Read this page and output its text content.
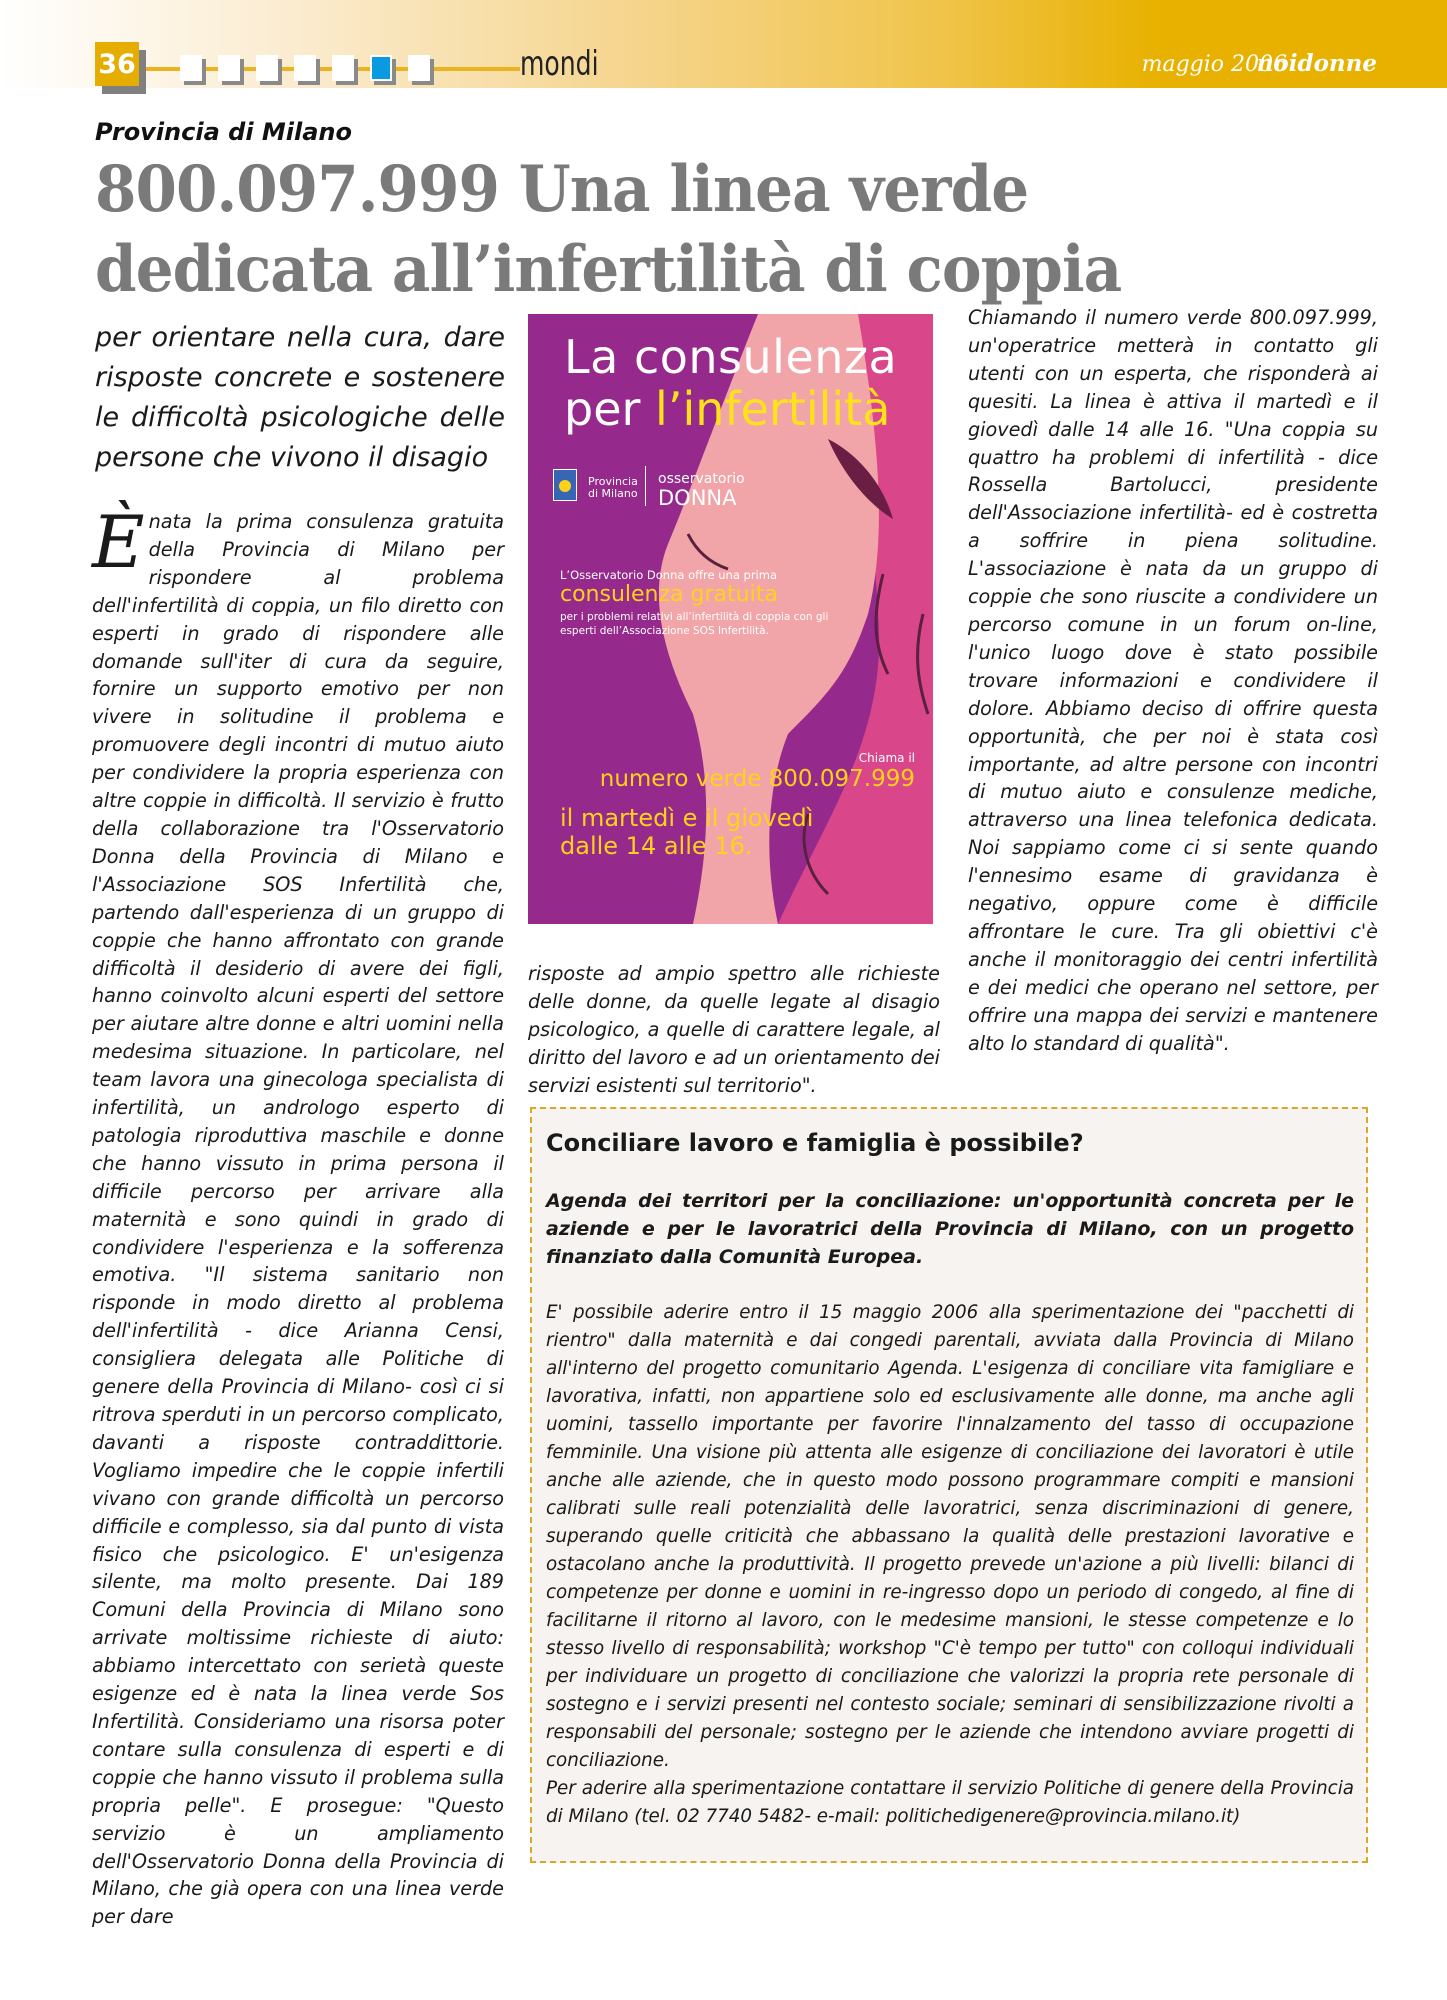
36	mondi	maggio 2006
noidonne
Provincia di Milano
800.097.999 Una linea verde dedicata all’infertilità di coppia
per orientare nella cura, dare risposte concrete e sostenere le difficoltà psicologiche delle persone che vivono il disagio
È nata la prima consulenza gratuita della Provincia di Milano per rispondere al problema dell'infertilità di coppia, un filo diretto con esperti in grado di rispondere alle domande sull'iter di cura da seguire, fornire un supporto emotivo per non vivere in solitudine il problema e promuovere degli incontri di mutuo aiuto per condividere la propria esperienza con altre coppie in difficoltà. Il servizio è frutto della collaborazione tra l'Osservatorio Donna della Provincia di Milano e l'Associazione SOS Infertilità che, partendo dall'esperienza di un gruppo di coppie che hanno affrontato con grande difficoltà il desiderio di avere dei figli, hanno coinvolto alcuni esperti del settore per aiutare altre donne e altri uomini nella medesima situazione. In particolare, nel team lavora una ginecologa specialista di infertilità, un andrologo esperto di patologia riproduttiva maschile e donne che hanno vissuto in prima persona il difficile percorso per arrivare alla maternità e sono quindi in grado di condividere l'esperienza e la sofferenza emotiva. "Il sistema sanitario non risponde in modo diretto al problema dell'infertilità - dice Arianna Censi, consigliera delegata alle Politiche di genere della Provincia di Milano- così ci si ritrova sperduti in un percorso complicato, davanti a risposte contraddittorie. Vogliamo impedire che le coppie infertili vivano con grande difficoltà un percorso difficile e complesso, sia dal punto di vista fisico che psicologico. E' un'esigenza silente, ma molto presente. Dai 189 Comuni della Provincia di Milano sono arrivate moltissime richieste di aiuto: abbiamo intercettato con serietà queste esigenze ed è nata la linea verde Sos Infertilità. Consideriamo una risorsa poter contare sulla consulenza di esperti e di coppie che hanno vissuto il problema sulla propria pelle". E prosegue: "Questo servizio è un ampliamento dell'Osservatorio Donna della Provincia di Milano, che già opera con una linea verde per dare
La consulenza
per l’infertilità
Provincia di Milano
osservatorio
DONNA
L’Osservatorio Donna offre una prima
consulenza gratuita
per i problemi relativi all’infertilità di coppia con gli esperti dell’Associazione SOS Infertilità.
Chiama il
numero verde 800.097.999
il martedì e il giovedì dalle 14 alle 16.
risposte ad ampio spettro alle richieste delle donne, da quelle legate al disagio psicologico, a quelle di carattere legale, al diritto del lavoro e ad un orientamento dei servizi esistenti sul territorio".
Chiamando il numero verde 800.097.999, un'operatrice metterà in contatto gli utenti con un esperta, che risponderà ai quesiti. La linea è attiva il martedì e il giovedì dalle 14 alle 16. "Una coppia su quattro ha problemi di infertilità - dice Rossella Bartolucci, presidente dell'Associazione infertilità- ed è costretta a soffrire in piena solitudine. L'associazione è nata da un gruppo di coppie che sono riuscite a condividere un percorso comune in un forum on-line, l'unico luogo dove è stato possibile trovare informazioni e condividere il dolore. Abbiamo deciso di offrire questa opportunità, che per noi è stata così importante, ad altre persone con incontri di mutuo aiuto e consulenze mediche, attraverso una linea telefonica dedicata. Noi sappiamo come ci si sente quando l'ennesimo esame di gravidanza è negativo, oppure come è difficile affrontare le cure. Tra gli obiettivi c'è anche il monitoraggio dei centri infertilità e dei medici che operano nel settore, per offrire una mappa dei servizi e mantenere alto lo standard di qualità".
Conciliare lavoro e famiglia è possibile?
Agenda dei territori per la conciliazione: un'opportunità concreta per le aziende e per le lavoratrici della Provincia di Milano, con un progetto finanziato dalla Comunità Europea.
E' possibile aderire entro il 15 maggio 2006 alla sperimentazione dei "pacchetti di rientro" dalla maternità e dai congedi parentali, avviata dalla Provincia di Milano all'interno del progetto comunitario Agenda. L'esigenza di conciliare vita famigliare e lavorativa, infatti, non appartiene solo ed esclusivamente alle donne, ma anche agli uomini, tassello importante per favorire l'innalzamento del tasso di occupazione femminile. Una visione più attenta alle esigenze di conciliazione dei lavoratori è utile anche alle aziende, che in questo modo possono programmare compiti e mansioni calibrati sulle reali potenzialità delle lavoratrici, senza discriminazioni di genere, superando quelle criticità che abbassano la qualità delle prestazioni lavorative e ostacolano anche la produttività. Il progetto prevede un'azione a più livelli: bilanci di competenze per donne e uomini in re-ingresso dopo un periodo di congedo, al fine di facilitarne il ritorno al lavoro, con le medesime mansioni, le stesse competenze e lo stesso livello di responsabilità; workshop "C'è tempo per tutto" con colloqui individuali per individuare un progetto di conciliazione che valorizzi la propria rete personale di sostegno e i servizi presenti nel contesto sociale; seminari di sensibilizzazione rivolti a responsabili del personale; sostegno per le aziende che intendono avviare progetti di conciliazione.
Per aderire alla sperimentazione contattare il servizio Politiche di genere della Provincia di Milano (tel. 02 7740 5482- e-mail: politichedigenere@provincia.milano.it)
